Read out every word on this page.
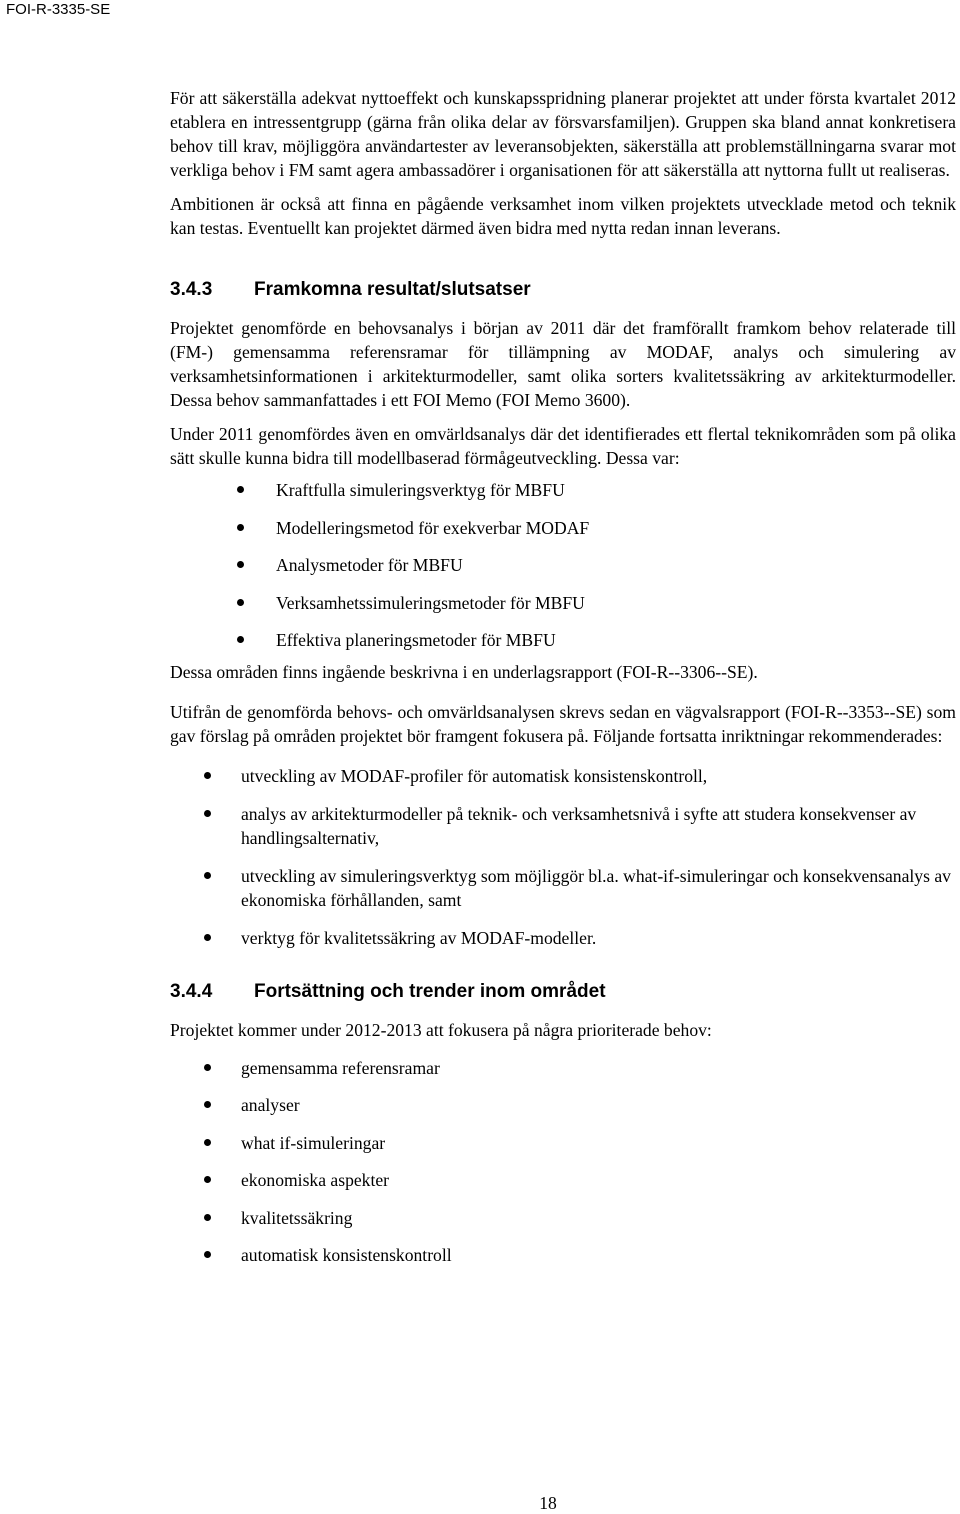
FOI-R-3335-SE

För att säkerställa adekvat nyttoeffekt och kunskapsspridning planerar projektet att under första kvartalet 2012 etablera en intressentgrupp (gärna från olika delar av försvarsfamiljen). Gruppen ska bland annat konkretisera behov till krav, möjliggöra användartester av leveransobjekten, säkerställa att problemställningarna svarar mot verkliga behov i FM samt agera ambassadörer i organisationen för att säkerställa att nyttorna fullt ut realiseras.

Ambitionen är också att finna en pågående verksamhet inom vilken projektets utvecklade metod och teknik kan testas. Eventuellt kan projektet därmed även bidra med nytta redan innan leverans.

3.4.3 Framkomna resultat/slutsatser

Projektet genomförde en behovsanalys i början av 2011 där det framförallt framkom behov relaterade till (FM-) gemensamma referensramar för tillämpning av MODAF, analys och simulering av verksamhetsinformationen i arkitekturmodeller, samt olika sorters kvalitetssäkring av arkitekturmodeller. Dessa behov sammanfattades i ett FOI Memo (FOI Memo 3600).

Under 2011 genomfördes även en omvärldsanalys där det identifierades ett flertal teknikområden som på olika sätt skulle kunna bidra till modellbaserad förmågeutveckling. Dessa var:

Kraftfulla simuleringsverktyg för MBFU
Modelleringsmetod för exekverbar MODAF
Analysmetoder för MBFU
Verksamhetssimuleringsmetoder för MBFU
Effektiva planeringsmetoder för MBFU

Dessa områden finns ingående beskrivna i en underlagsrapport (FOI-R--3306--SE).

Utifrån de genomförda behovs- och omvärldsanalysen skrevs sedan en vägvalsrapport (FOI-R--3353--SE) som gav förslag på områden projektet bör framgent fokusera på. Följande fortsatta inriktningar rekommenderades:

utveckling av MODAF-profiler för automatisk konsistenskontroll,
analys av arkitekturmodeller på teknik- och verksamhetsnivå i syfte att studera konsekvenser av handlingsalternativ,
utveckling av simuleringsverktyg som möjliggör bl.a. what-if-simuleringar och konsekvensanalys av ekonomiska förhållanden, samt
verktyg för kvalitetssäkring av MODAF-modeller.
3.4.4 Fortsättning och trender inom området

Projektet kommer under 2012-2013 att fokusera på några prioriterade behov:

gemensamma referensramar
analyser
what if-simuleringar
ekonomiska aspekter
kvalitetssäkring
automatisk konsistenskontroll
18
